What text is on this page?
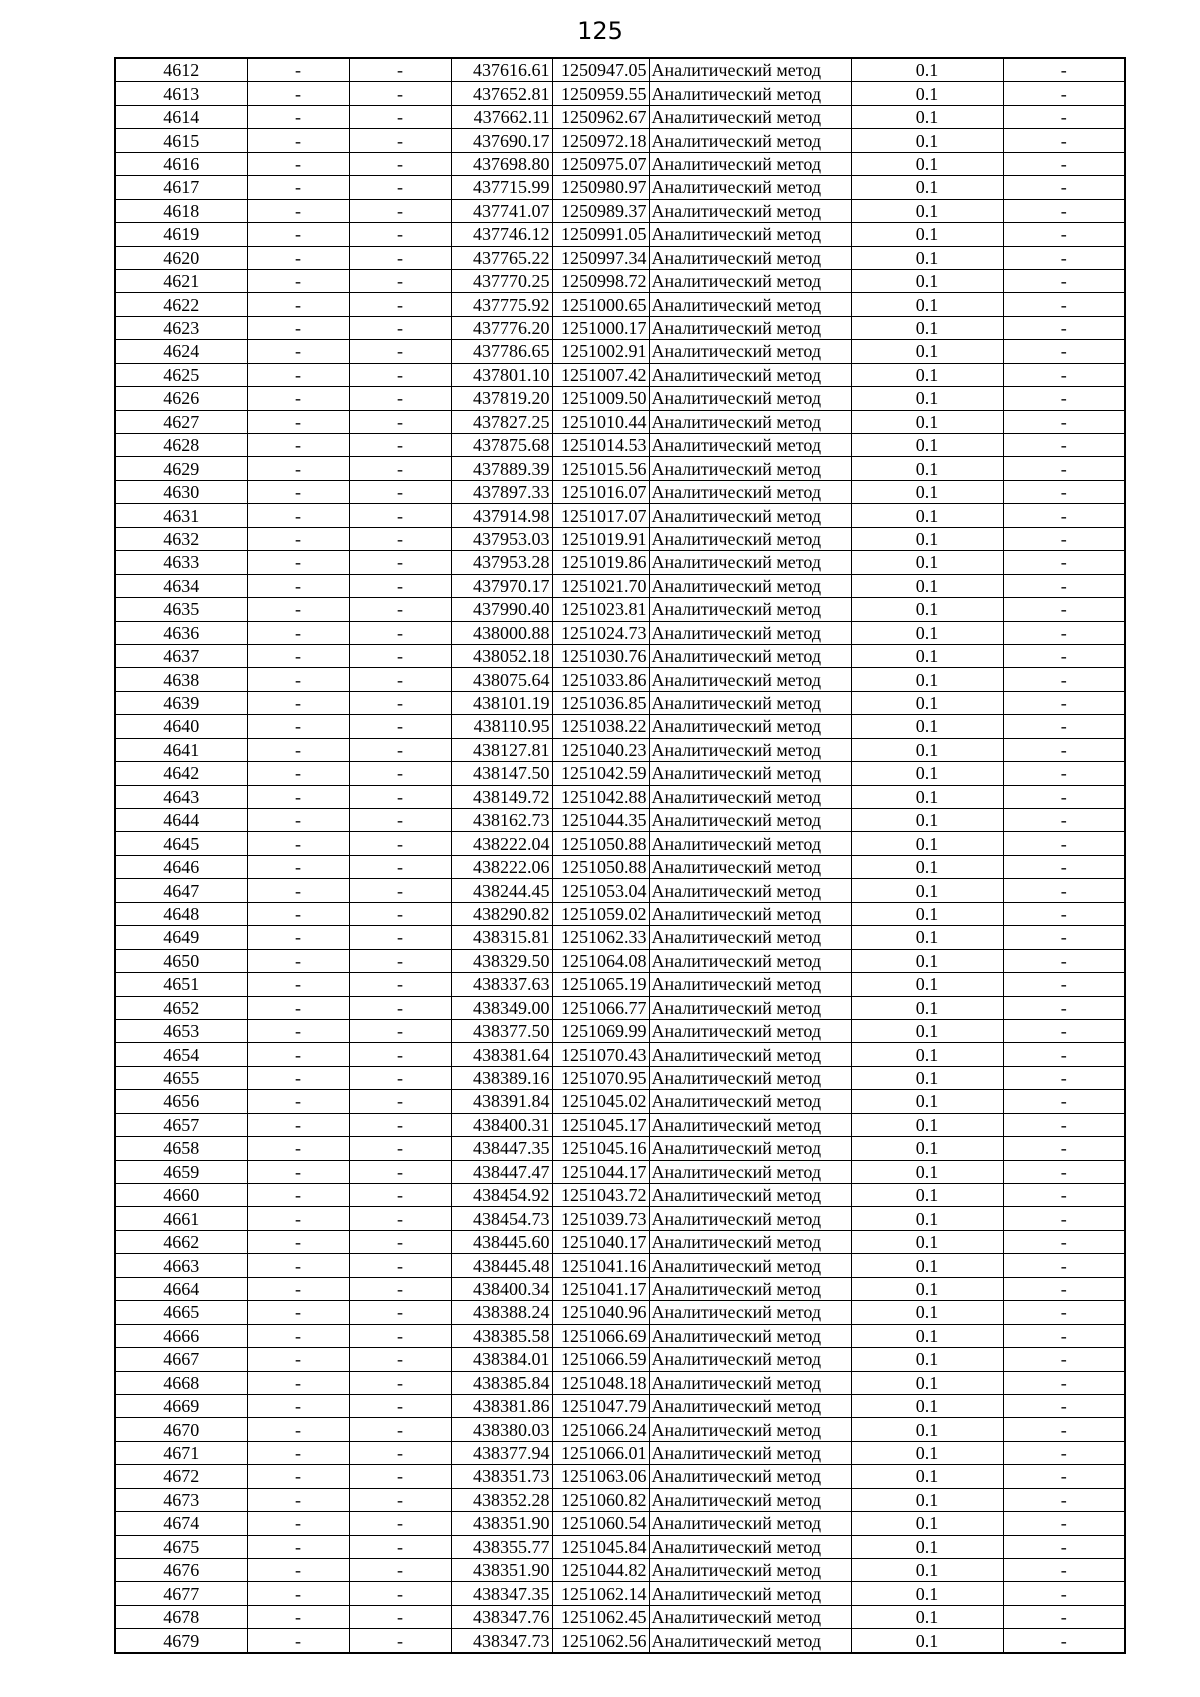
125
4612	-	-	437616.61	1250947.05	Аналитический метод	0.1	-
4613	-	-	437652.81	1250959.55	Аналитический метод	0.1	-
4614	-	-	437662.11	1250962.67	Аналитический метод	0.1	-
4615	-	-	437690.17	1250972.18	Аналитический метод	0.1	-
4616	-	-	437698.80	1250975.07	Аналитический метод	0.1	-
4617	-	-	437715.99	1250980.97	Аналитический метод	0.1	-
4618	-	-	437741.07	1250989.37	Аналитический метод	0.1	-
4619	-	-	437746.12	1250991.05	Аналитический метод	0.1	-
4620	-	-	437765.22	1250997.34	Аналитический метод	0.1	-
4621	-	-	437770.25	1250998.72	Аналитический метод	0.1	-
4622	-	-	437775.92	1251000.65	Аналитический метод	0.1	-
4623	-	-	437776.20	1251000.17	Аналитический метод	0.1	-
4624	-	-	437786.65	1251002.91	Аналитический метод	0.1	-
4625	-	-	437801.10	1251007.42	Аналитический метод	0.1	-
4626	-	-	437819.20	1251009.50	Аналитический метод	0.1	-
4627	-	-	437827.25	1251010.44	Аналитический метод	0.1	-
4628	-	-	437875.68	1251014.53	Аналитический метод	0.1	-
4629	-	-	437889.39	1251015.56	Аналитический метод	0.1	-
4630	-	-	437897.33	1251016.07	Аналитический метод	0.1	-
4631	-	-	437914.98	1251017.07	Аналитический метод	0.1	-
4632	-	-	437953.03	1251019.91	Аналитический метод	0.1	-
4633	-	-	437953.28	1251019.86	Аналитический метод	0.1	-
4634	-	-	437970.17	1251021.70	Аналитический метод	0.1	-
4635	-	-	437990.40	1251023.81	Аналитический метод	0.1	-
4636	-	-	438000.88	1251024.73	Аналитический метод	0.1	-
4637	-	-	438052.18	1251030.76	Аналитический метод	0.1	-
4638	-	-	438075.64	1251033.86	Аналитический метод	0.1	-
4639	-	-	438101.19	1251036.85	Аналитический метод	0.1	-
4640	-	-	438110.95	1251038.22	Аналитический метод	0.1	-
4641	-	-	438127.81	1251040.23	Аналитический метод	0.1	-
4642	-	-	438147.50	1251042.59	Аналитический метод	0.1	-
4643	-	-	438149.72	1251042.88	Аналитический метод	0.1	-
4644	-	-	438162.73	1251044.35	Аналитический метод	0.1	-
4645	-	-	438222.04	1251050.88	Аналитический метод	0.1	-
4646	-	-	438222.06	1251050.88	Аналитический метод	0.1	-
4647	-	-	438244.45	1251053.04	Аналитический метод	0.1	-
4648	-	-	438290.82	1251059.02	Аналитический метод	0.1	-
4649	-	-	438315.81	1251062.33	Аналитический метод	0.1	-
4650	-	-	438329.50	1251064.08	Аналитический метод	0.1	-
4651	-	-	438337.63	1251065.19	Аналитический метод	0.1	-
4652	-	-	438349.00	1251066.77	Аналитический метод	0.1	-
4653	-	-	438377.50	1251069.99	Аналитический метод	0.1	-
4654	-	-	438381.64	1251070.43	Аналитический метод	0.1	-
4655	-	-	438389.16	1251070.95	Аналитический метод	0.1	-
4656	-	-	438391.84	1251045.02	Аналитический метод	0.1	-
4657	-	-	438400.31	1251045.17	Аналитический метод	0.1	-
4658	-	-	438447.35	1251045.16	Аналитический метод	0.1	-
4659	-	-	438447.47	1251044.17	Аналитический метод	0.1	-
4660	-	-	438454.92	1251043.72	Аналитический метод	0.1	-
4661	-	-	438454.73	1251039.73	Аналитический метод	0.1	-
4662	-	-	438445.60	1251040.17	Аналитический метод	0.1	-
4663	-	-	438445.48	1251041.16	Аналитический метод	0.1	-
4664	-	-	438400.34	1251041.17	Аналитический метод	0.1	-
4665	-	-	438388.24	1251040.96	Аналитический метод	0.1	-
4666	-	-	438385.58	1251066.69	Аналитический метод	0.1	-
4667	-	-	438384.01	1251066.59	Аналитический метод	0.1	-
4668	-	-	438385.84	1251048.18	Аналитический метод	0.1	-
4669	-	-	438381.86	1251047.79	Аналитический метод	0.1	-
4670	-	-	438380.03	1251066.24	Аналитический метод	0.1	-
4671	-	-	438377.94	1251066.01	Аналитический метод	0.1	-
4672	-	-	438351.73	1251063.06	Аналитический метод	0.1	-
4673	-	-	438352.28	1251060.82	Аналитический метод	0.1	-
4674	-	-	438351.90	1251060.54	Аналитический метод	0.1	-
4675	-	-	438355.77	1251045.84	Аналитический метод	0.1	-
4676	-	-	438351.90	1251044.82	Аналитический метод	0.1	-
4677	-	-	438347.35	1251062.14	Аналитический метод	0.1	-
4678	-	-	438347.76	1251062.45	Аналитический метод	0.1	-
4679	-	-	438347.73	1251062.56	Аналитический метод	0.1	-
